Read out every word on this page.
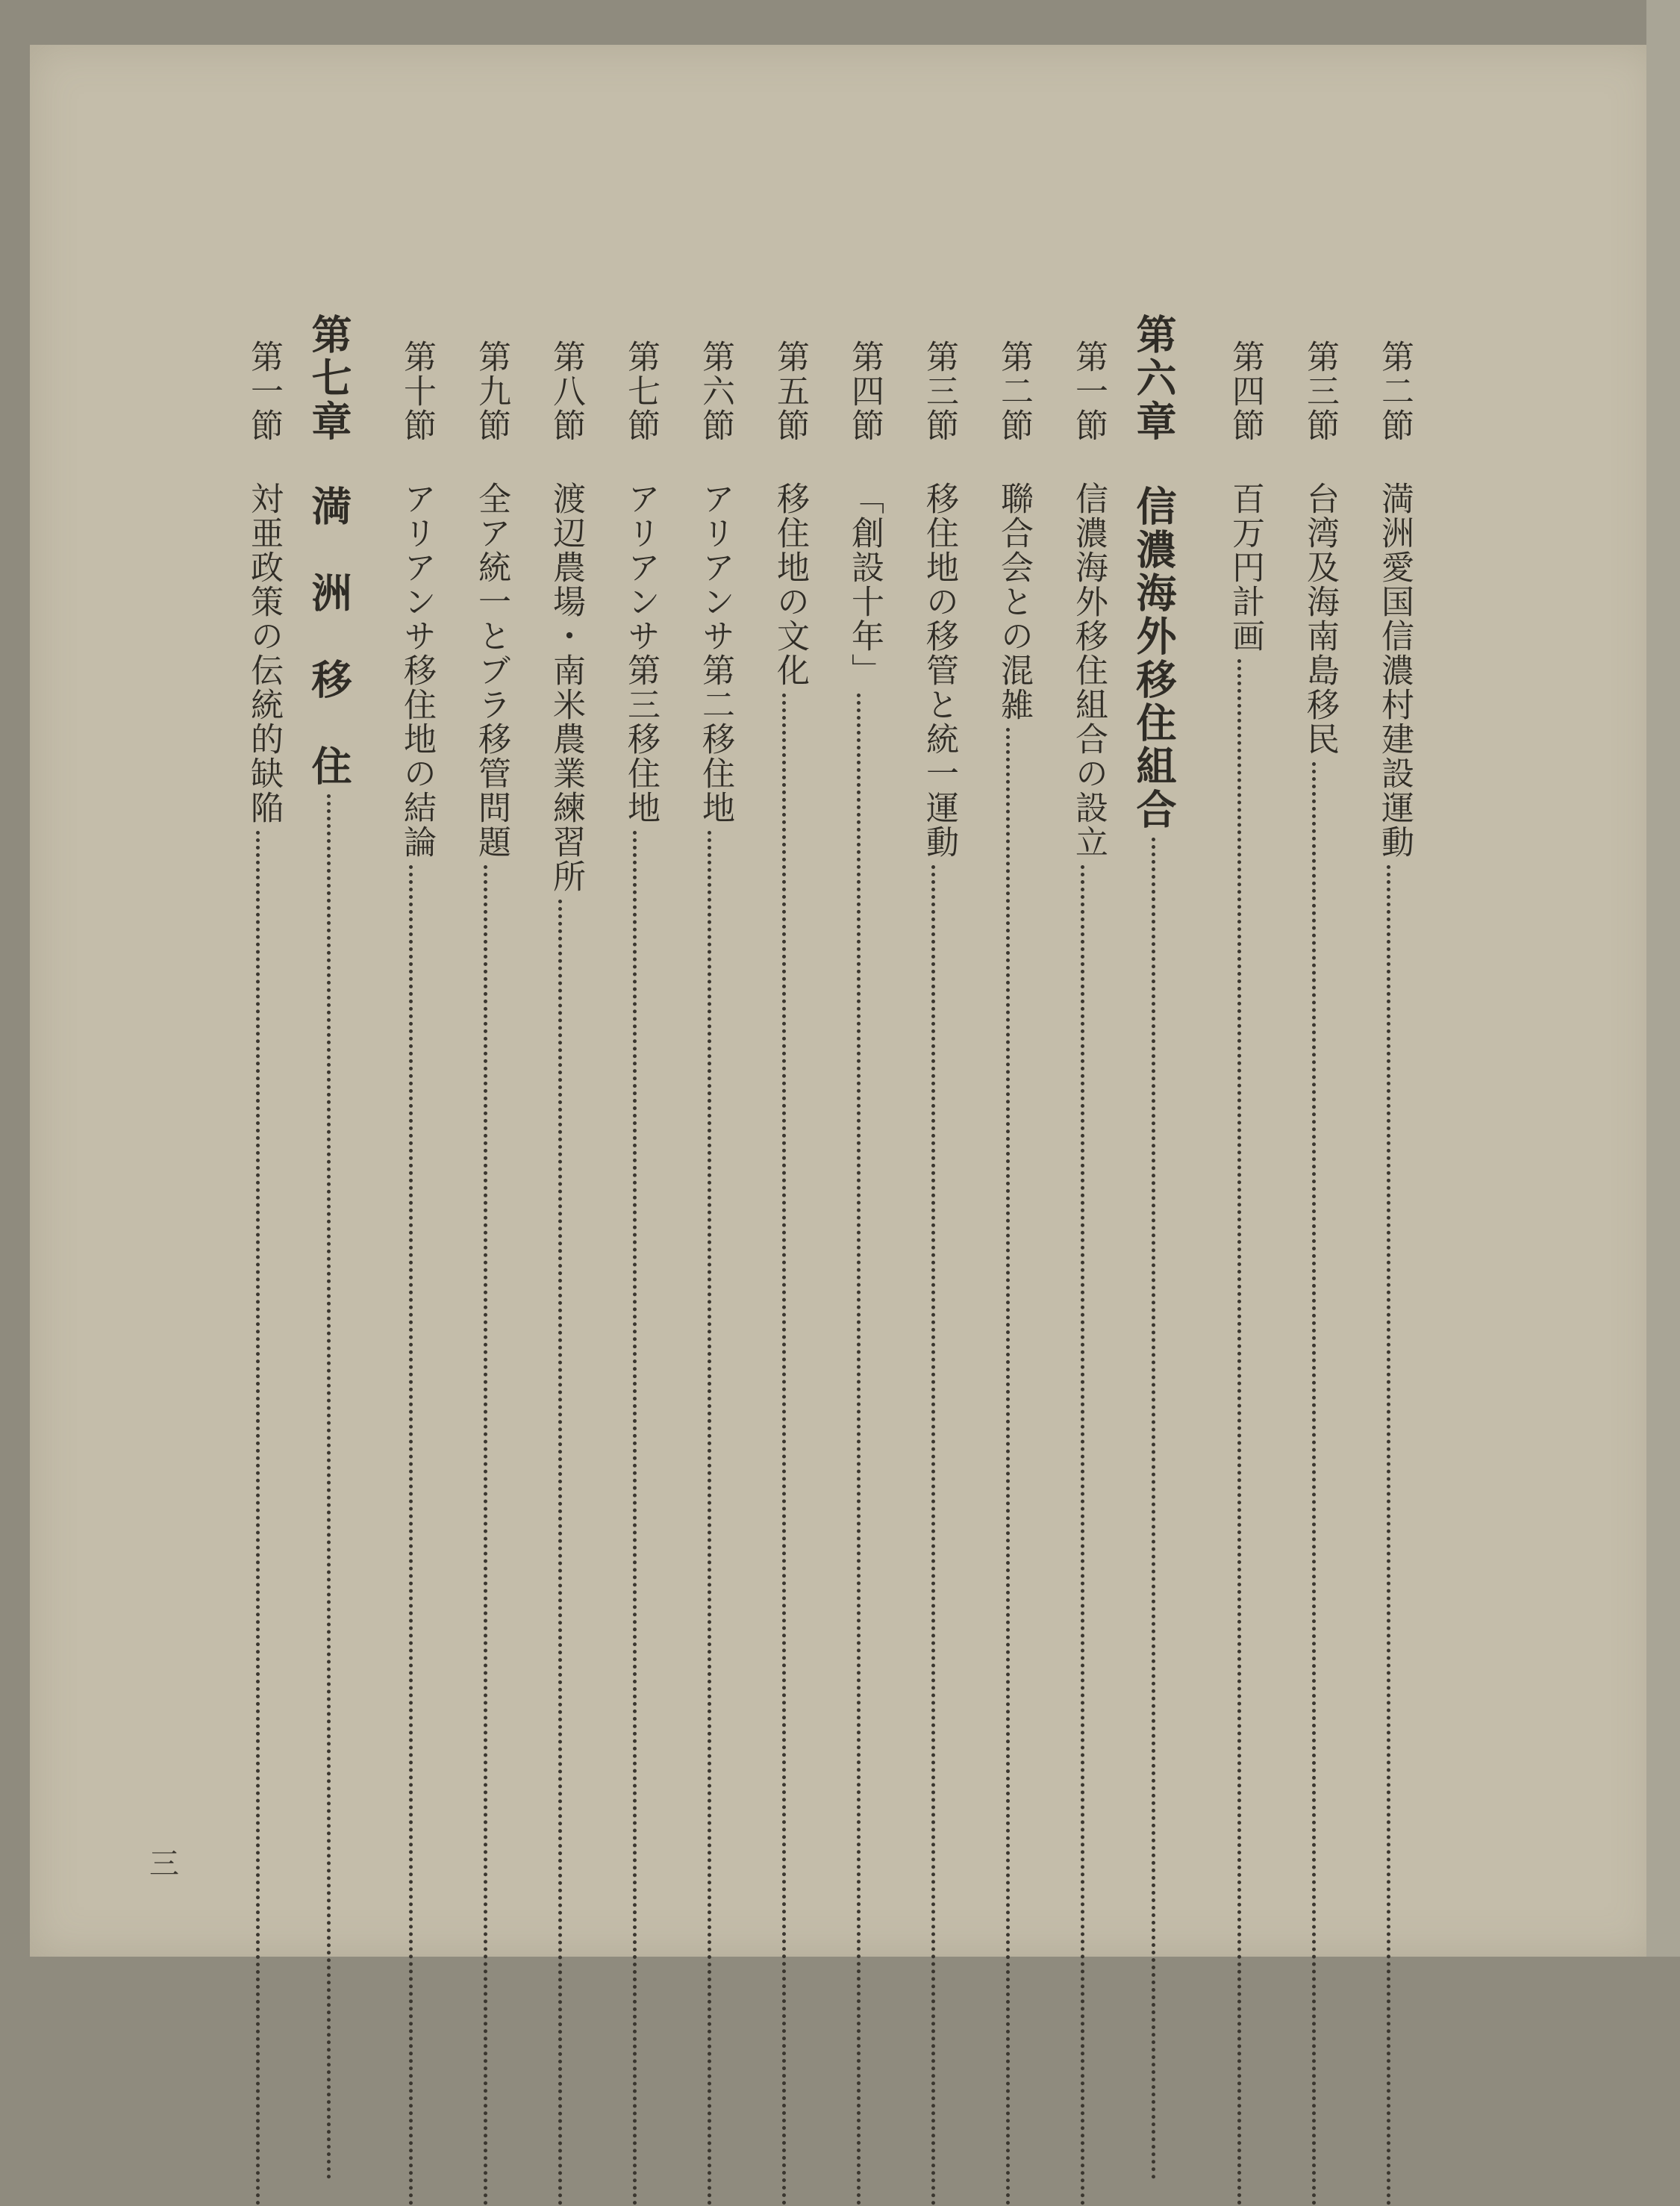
第二節
満洲愛国信濃村建設運動
第三節
台湾及海南島移民
第四節
百万円計画
第六章
信濃海外移住組合
第一節
信濃海外移住組合の設立
第二節
聯合会との混雑
第三節
移住地の移管と統一運動
第四節
「創設十年」
第五節
移住地の文化
第六節
アリアンサ第二移住地
第七節
アリアンサ第三移住地
第八節
渡辺農場・南米農業練習所
第九節
全ア統一とブラ移管問題
第十節
アリアンサ移住地の結論
第七章
満　洲　移　住
第一節
対亜政策の伝統的缺陥
三
